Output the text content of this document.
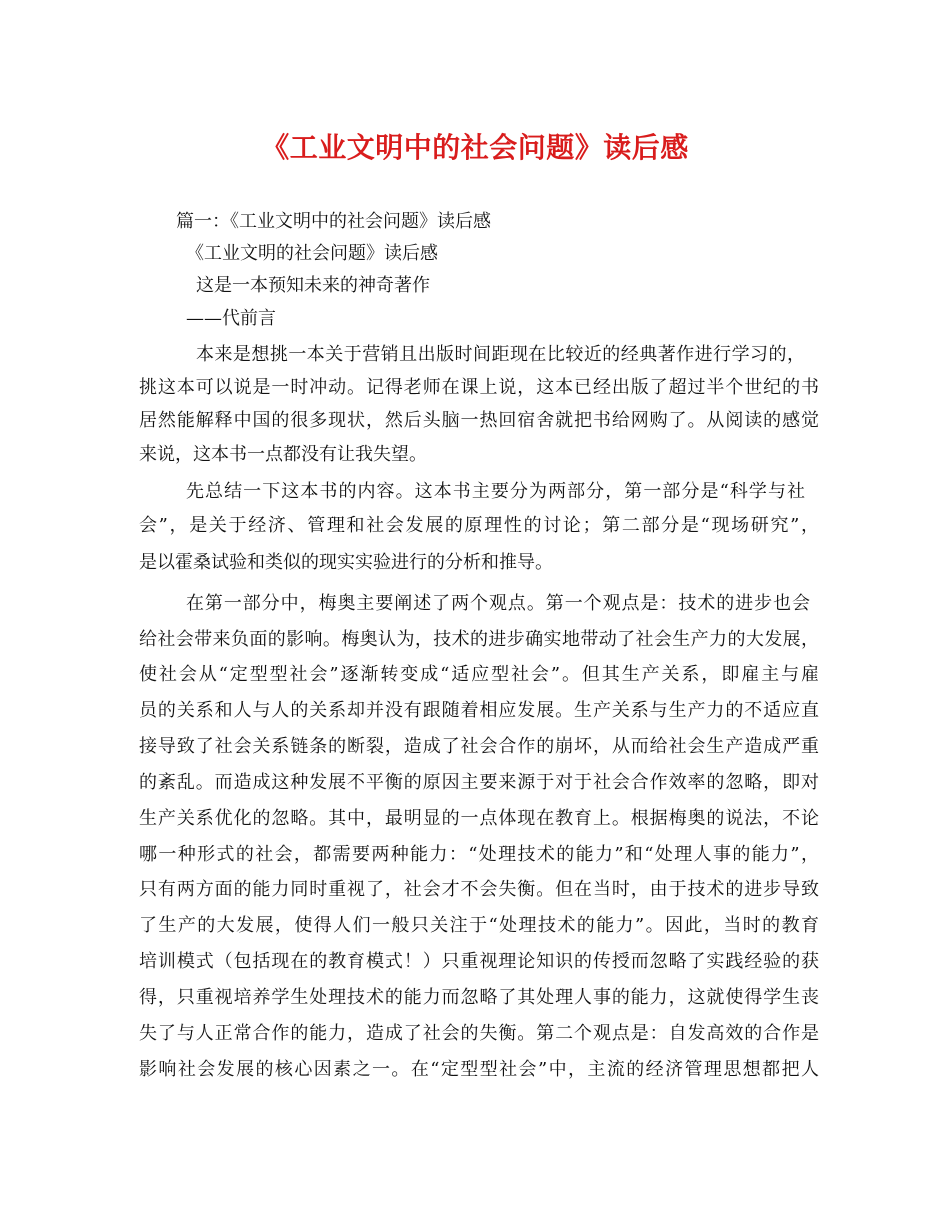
《工业文明中的社会问题》读后感
篇一：《工业文明中的社会问题》读后感
《工业文明的社会问题》读后感
这是一本预知未来的神奇著作
——代前言
本来是想挑一本关于营销且出版时间距现在比较近的经典著作进行学习的，
挑这本可以说是一时冲动。记得老师在课上说，这本已经出版了超过半个世纪的书
居然能解释中国的很多现状，然后头脑一热回宿舍就把书给网购了。从阅读的感觉
来说，这本书一点都没有让我失望。
先总结一下这本书的内容。这本书主要分为两部分，第一部分是“科学与社
会”，是关于经济、管理和社会发展的原理性的讨论；第二部分是“现场研究”，
是以霍桑试验和类似的现实实验进行的分析和推导。
在第一部分中，梅奥主要阐述了两个观点。第一个观点是：技术的进步也会
给社会带来负面的影响。梅奥认为，技术的进步确实地带动了社会生产力的大发展，
使社会从“定型型社会”逐渐转变成“适应型社会”。但其生产关系，即雇主与雇
员的关系和人与人的关系却并没有跟随着相应发展。生产关系与生产力的不适应直
接导致了社会关系链条的断裂，造成了社会合作的崩坏，从而给社会生产造成严重
的紊乱。而造成这种发展不平衡的原因主要来源于对于社会合作效率的忽略，即对
生产关系优化的忽略。其中，最明显的一点体现在教育上。根据梅奥的说法，不论
哪一种形式的社会，都需要两种能力：“处理技术的能力”和“处理人事的能力”，
只有两方面的能力同时重视了，社会才不会失衡。但在当时，由于技术的进步导致
了生产的大发展，使得人们一般只关注于“处理技术的能力”。因此，当时的教育
培训模式（包括现在的教育模式！）只重视理论知识的传授而忽略了实践经验的获
得，只重视培养学生处理技术的能力而忽略了其处理人事的能力，这就使得学生丧
失了与人正常合作的能力，造成了社会的失衡。第二个观点是：自发高效的合作是
影响社会发展的核心因素之一。在“定型型社会”中，主流的经济管理思想都把人
